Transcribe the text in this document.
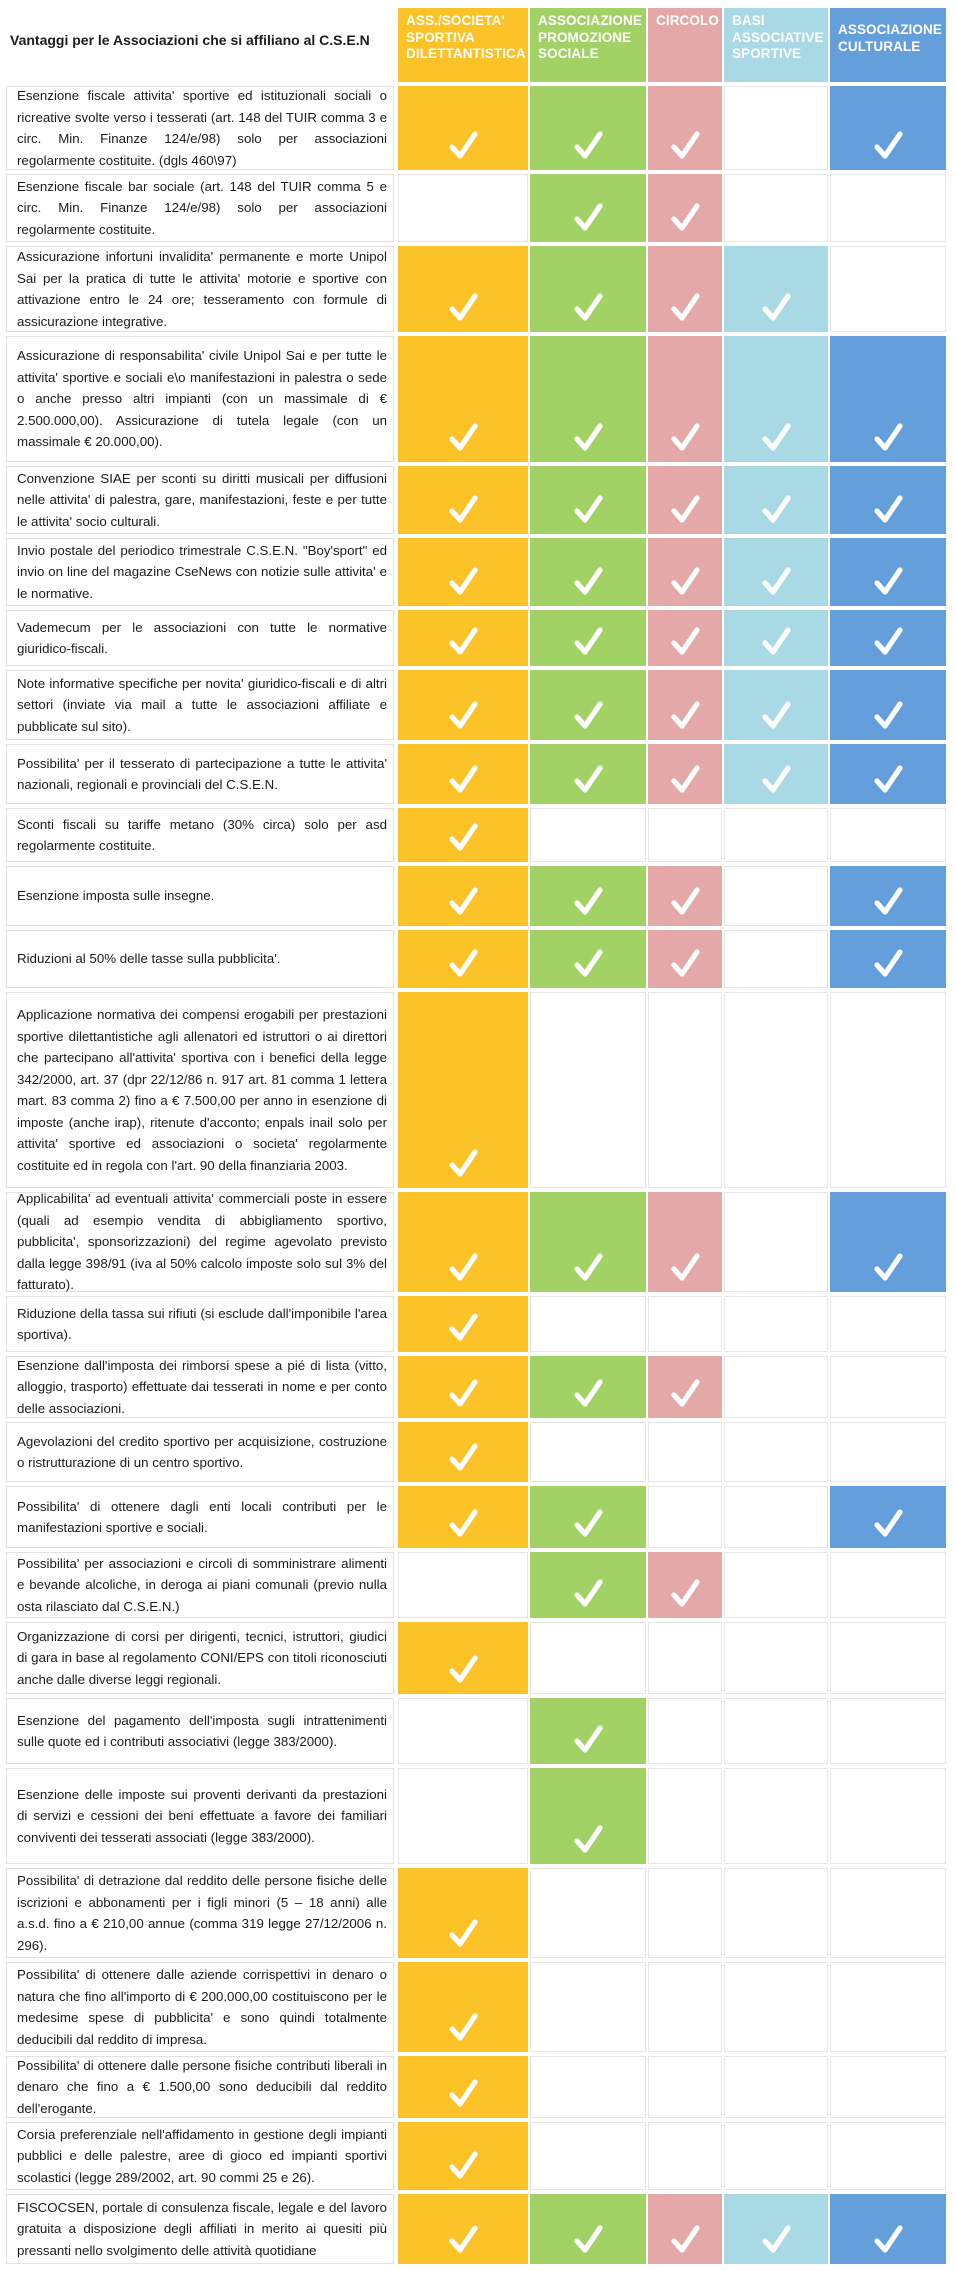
Vantaggi per le Associazioni che si affiliano al C.S.E.N
ASS./SOCIETA' SPORTIVA DILETTANTISTICA
ASSOCIAZIONE PROMOZIONE SOCIALE
CIRCOLO BASI ASSOCIATIVE SPORTIVE
ASSOCIAZIONE CULTURALE
Esenzione fiscale attivita' sportive ed istituzionali sociali o ricreative svolte verso i tesserati (art. 148 del TUIR comma 3 e circ. Min. Finanze 124/e/98) solo per associazioni regolarmente costituite. (dgls 460\97)
Esenzione fiscale bar sociale (art. 148 del TUIR comma 5 e circ. Min. Finanze 124/e/98) solo per associazioni regolarmente costituite.
Assicurazione infortuni invalidita' permanente e morte Unipol Sai per la pratica di tutte le attivita' motorie e sportive con attivazione entro le 24 ore; tesseramento con formule di assicurazione integrative.
Assicurazione di responsabilita' civile Unipol Sai e per tutte le attivita' sportive e sociali e\o manifestazioni in palestra o sede o anche presso altri impianti (con un massimale di € 2.500.000,00). Assicurazione di tutela legale (con un massimale € 20.000,00).
Convenzione SIAE per sconti su diritti musicali per diffusioni nelle attivita' di palestra, gare, manifestazioni, feste e per tutte le attivita' socio culturali.
Invio postale del periodico trimestrale C.S.E.N. "Boy'sport" ed invio on line del magazine CseNews con notizie sulle attivita' e le normative.
Vademecum per le associazioni con tutte le normative giuridico-fiscali.
Note informative specifiche per novita' giuridico-fiscali e di altri settori (inviate via mail a tutte le associazioni affiliate e pubblicate sul sito).
Possibilita' per il tesserato di partecipazione a tutte le attivita' nazionali, regionali e provinciali del C.S.E.N.
Sconti fiscali su tariffe metano (30% circa) solo per asd regolarmente costituite.
Esenzione imposta sulle insegne.
Riduzioni al 50% delle tasse sulla pubblicita'.
Applicazione normativa dei compensi erogabili per prestazioni sportive dilettantistiche agli allenatori ed istruttori o ai direttori che partecipano all'attivita' sportiva con i benefici della legge 342/2000, art. 37 (dpr 22/12/86 n. 917 art. 81 comma 1 lettera mart. 83 comma 2) fino a € 7.500,00 per anno in esenzione di imposte (anche irap), ritenute d'acconto; enpals inail solo per attivita' sportive ed associazioni o societa' regolarmente costituite ed in regola con l'art. 90 della finanziaria 2003.
Applicabilita' ad eventuali attivita' commerciali poste in essere (quali ad esempio vendita di abbigliamento sportivo, pubblicita', sponsorizzazioni) del regime agevolato previsto dalla legge 398/91 (iva al 50% calcolo imposte solo sul 3% del fatturato).
Riduzione della tassa sui rifiuti (si esclude dall'imponibile l'area sportiva).
Esenzione dall'imposta dei rimborsi spese a pié di lista (vitto, alloggio, trasporto) effettuate dai tesserati in nome e per conto delle associazioni.
Agevolazioni del credito sportivo per acquisizione, costruzione o ristrutturazione di un centro sportivo.
Possibilita' di ottenere dagli enti locali contributi per le manifestazioni sportive e sociali.
Possibilita' per associazioni e circoli di somministrare alimenti e bevande alcoliche, in deroga ai piani comunali (previo nulla osta rilasciato dal C.S.E.N.)
Organizzazione di corsi per dirigenti, tecnici, istruttori, giudici di gara in base al regolamento CONI/EPS con titoli riconosciuti anche dalle diverse leggi regionali.
Esenzione del pagamento dell'imposta sugli intrattenimenti sulle quote ed i contributi associativi (legge 383/2000).
Esenzione delle imposte sui proventi derivanti da prestazioni di servizi e cessioni dei beni effettuate a favore dei familiari conviventi dei tesserati associati (legge 383/2000).
Possibilita' di detrazione dal reddito delle persone fisiche delle iscrizioni e abbonamenti per i figli minori (5 – 18 anni) alle a.s.d. fino a € 210,00 annue (comma 319 legge 27/12/2006 n. 296).
Possibilita' di ottenere dalle aziende corrispettivi in denaro o natura che fino all'importo di € 200.000,00 costituiscono per le medesime spese di pubblicita' e sono quindi totalmente deducibili dal reddito di impresa.
Possibilita' di ottenere dalle persone fisiche contributi liberali in denaro che fino a € 1.500,00 sono deducibili dal reddito dell'erogante.
Corsia preferenziale nell'affidamento in gestione degli impianti pubblici e delle palestre, aree di gioco ed impianti sportivi scolastici (legge 289/2002, art. 90 commi 25 e 26).
FISCOCSEN, portale di consulenza fiscale, legale e del lavoro gratuita a disposizione degli affiliati in merito ai quesiti più pressanti nello svolgimento delle attività quotidiane
